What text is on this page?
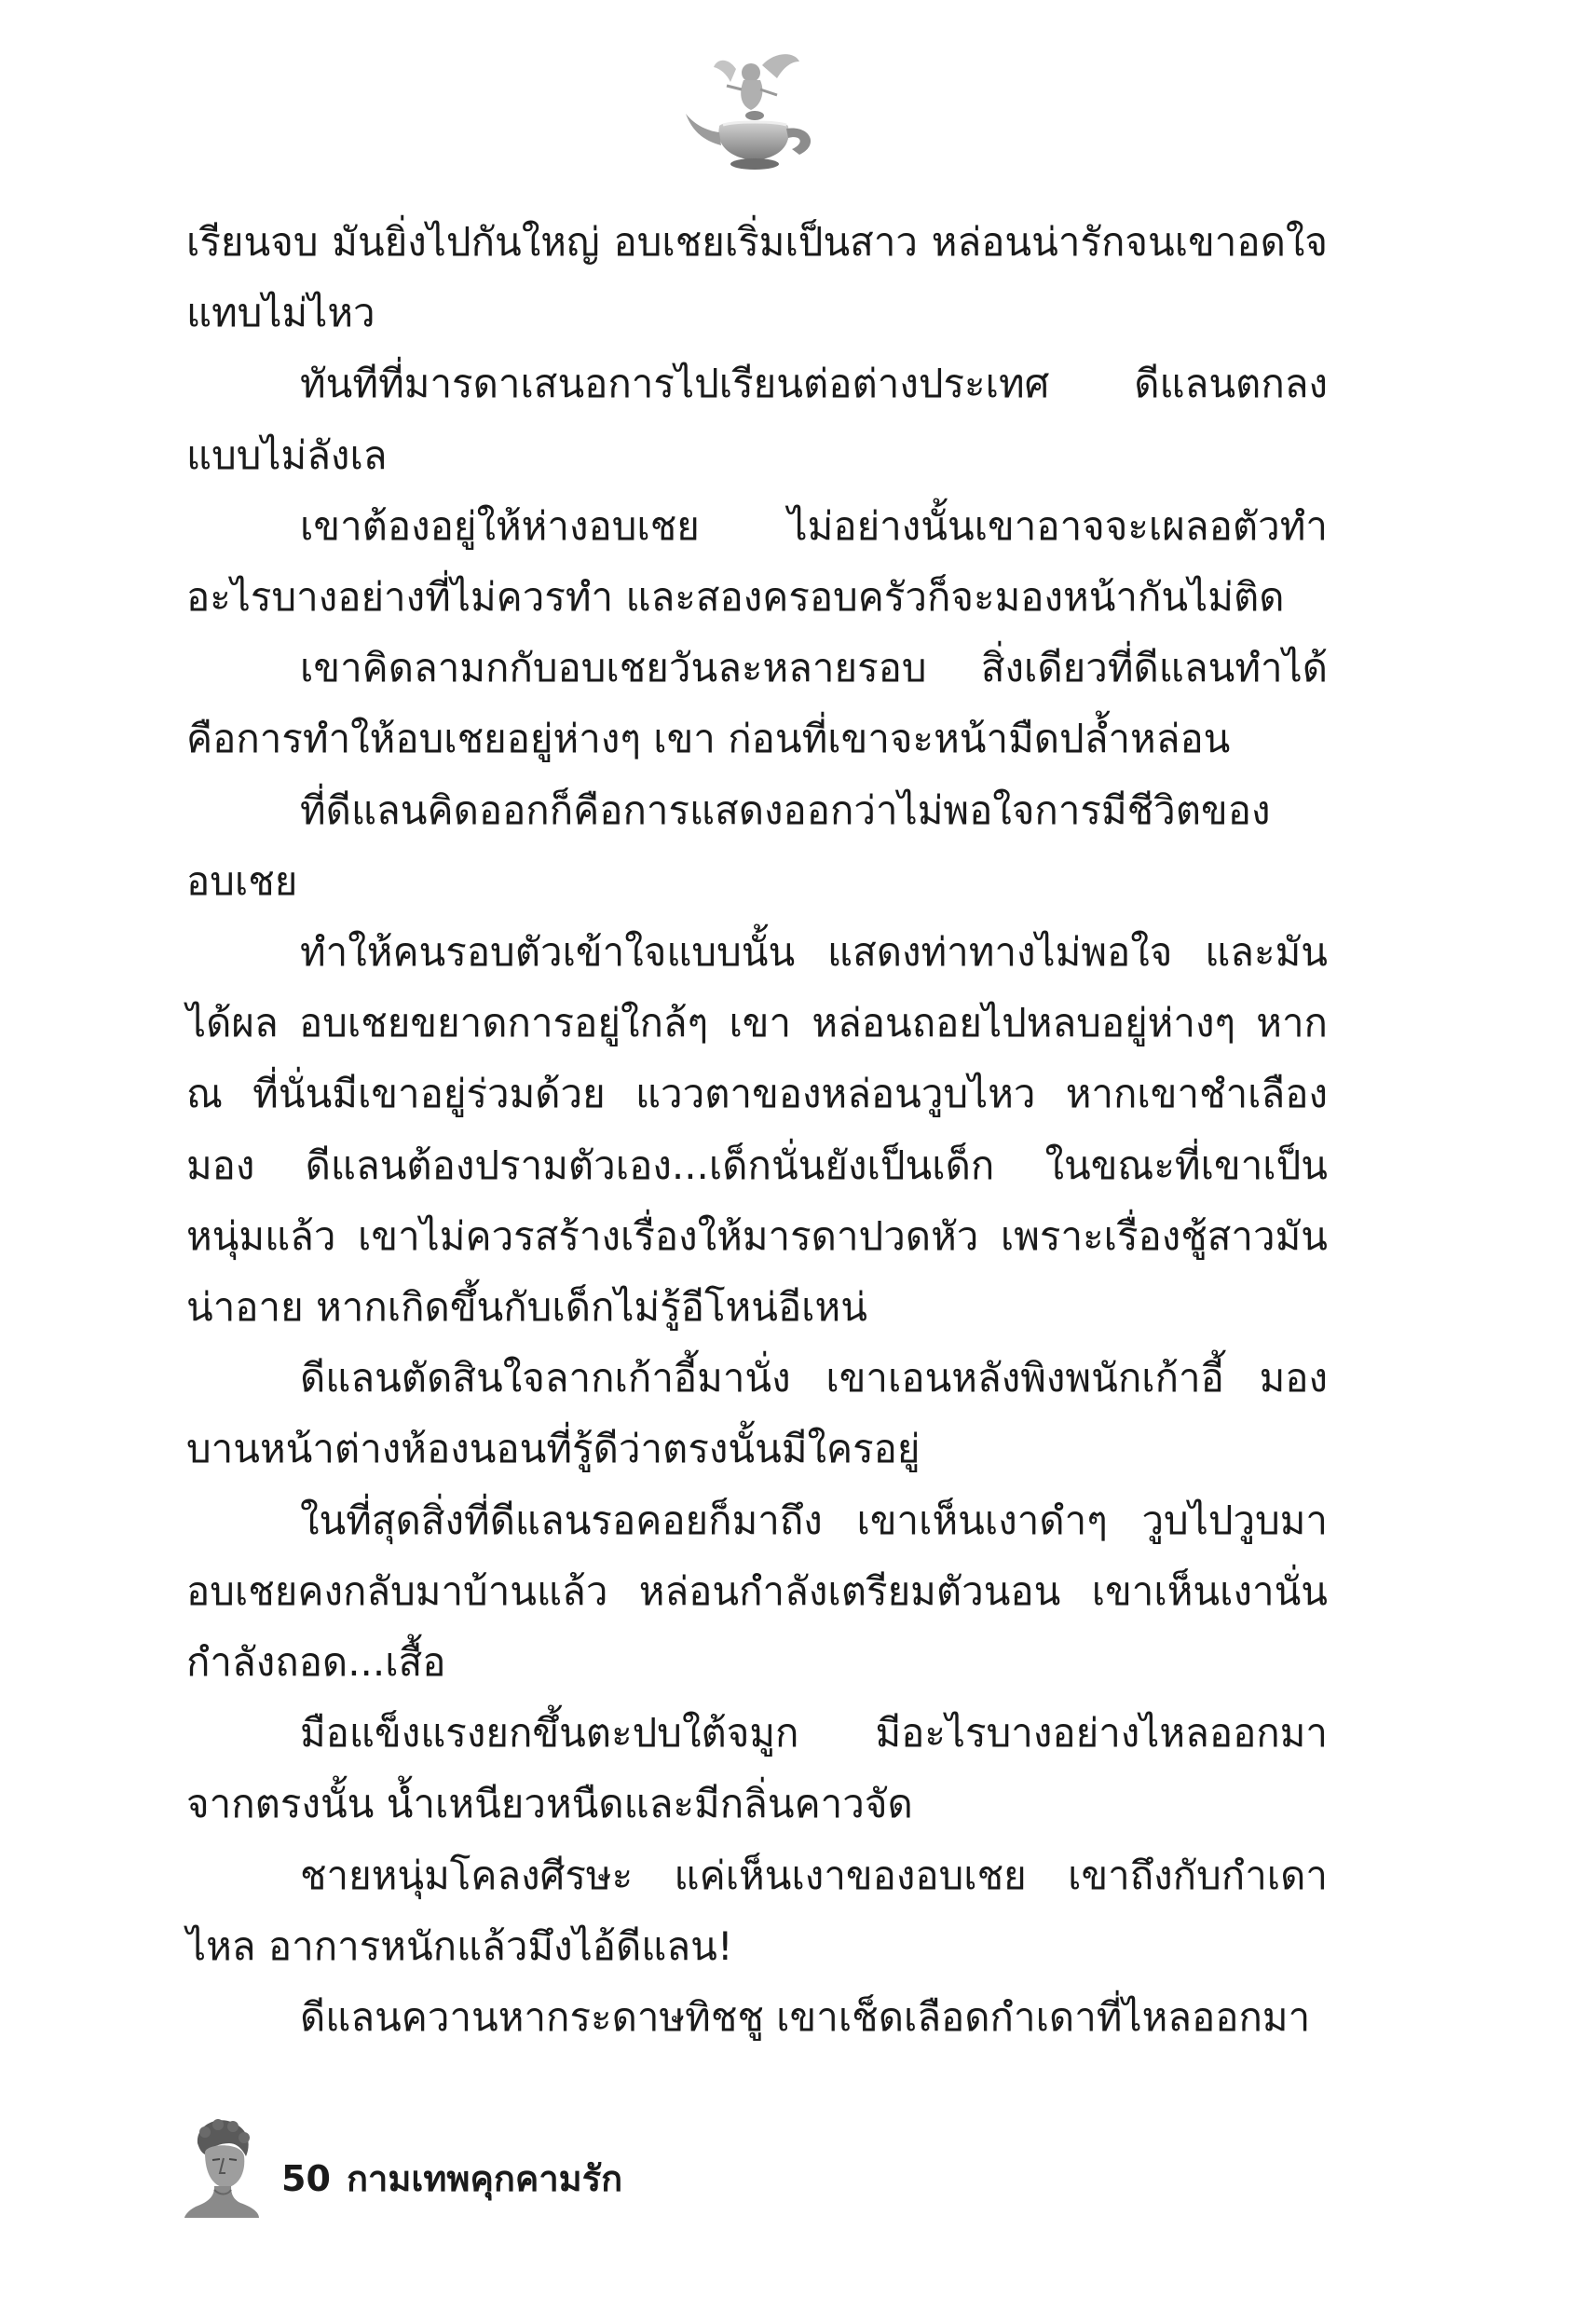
เรียนจบ มันยิ่งไปกันใหญ่ อบเชยเริ่มเป็นสาว หล่อนน่ารักจนเขาอดใจแทบไม่ไหว

ทันทีที่มารดาเสนอการไปเรียนต่อต่างประเทศ ดีแลนตกลงแบบไม่ลังเล

เขาต้องอยู่ให้ห่างอบเชย ไม่อย่างนั้นเขาอาจจะเผลอตัวทำอะไรบางอย่างที่ไม่ควรทำ และสองครอบครัวก็จะมองหน้ากันไม่ติด

เขาคิดลามกกับอบเชยวันละหลายรอบ สิ่งเดียวที่ดีแลนทำได้คือการทำให้อบเชยอยู่ห่างๆ เขา ก่อนที่เขาจะหน้ามืดปล้ำหล่อน

ที่ดีแลนคิดออกก็คือการแสดงออกว่าไม่พอใจการมีชีวิตของอบเชย

ทำให้คนรอบตัวเข้าใจแบบนั้น แสดงท่าทางไม่พอใจ และมันได้ผล อบเชยขยาดการอยู่ใกล้ๆ เขา หล่อนถอยไปหลบอยู่ห่างๆ หาก ณ ที่นั่นมีเขาอยู่ร่วมด้วย แววตาของหล่อนวูบไหว หากเขาชำเลืองมอง ดีแลนต้องปรามตัวเอง...เด็กนั่นยังเป็นเด็ก ในขณะที่เขาเป็นหนุ่มแล้ว เขาไม่ควรสร้างเรื่องให้มารดาปวดหัว เพราะเรื่องชู้สาวมันน่าอาย หากเกิดขึ้นกับเด็กไม่รู้อีโหน่อีเหน่

ดีแลนตัดสินใจลากเก้าอี้มานั่ง เขาเอนหลังพิงพนักเก้าอี้ มองบานหน้าต่างห้องนอนที่รู้ดีว่าตรงนั้นมีใครอยู่

ในที่สุดสิ่งที่ดีแลนรอคอยก็มาถึง เขาเห็นเงาดำๆ วูบไปวูบมา อบเชยคงกลับมาบ้านแล้ว หล่อนกำลังเตรียมตัวนอน เขาเห็นเงานั่นกำลังถอด...เสื้อ

มือแข็งแรงยกขึ้นตะปบใต้จมูก มีอะไรบางอย่างไหลออกมาจากตรงนั้น น้ำเหนียวหนืดและมีกลิ่นคาวจัด

ชายหนุ่มโคลงศีรษะ แค่เห็นเงาของอบเชย เขาถึงกับกำเดาไหล อาการหนักแล้วมึงไอ้ดีแลน!

ดีแลนควานหากระดาษทิชชู เขาเช็ดเลือดกำเดาที่ไหลออกมา

50 กามเทพคุกคามรัก
